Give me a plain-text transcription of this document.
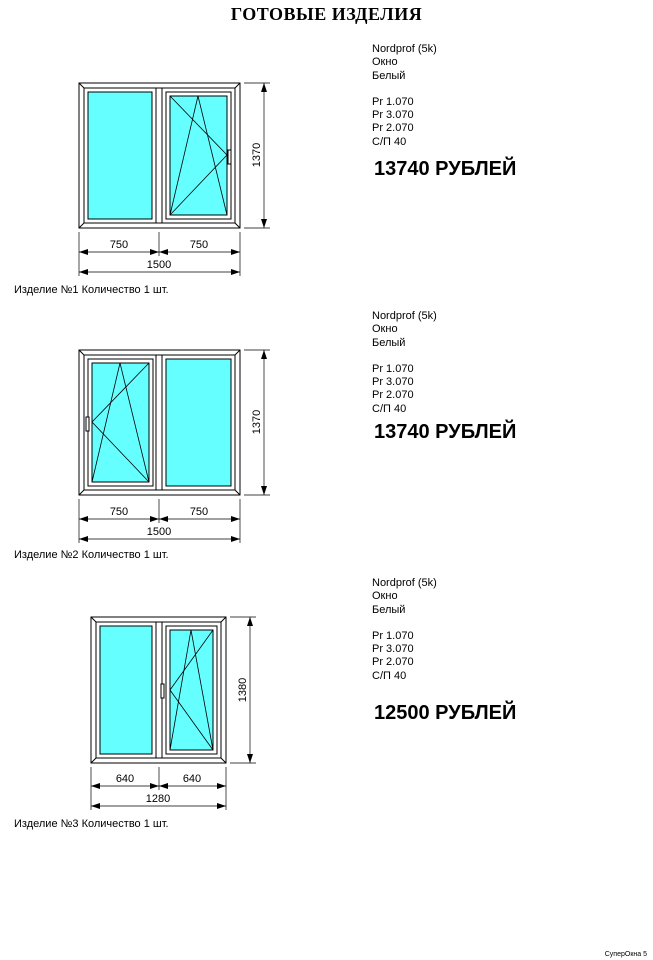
ГОТОВЫЕ ИЗДЕЛИЯ
1370
750	750
1500
Nordprof (5k)
Окно
Белый
Pr 1.070
Pr 3.070
Pr 2.070
С/П 40
13740 РУБЛЕЙ
Изделие №1 Количество 1 шт.
1370
750	750
1500
Nordprof (5k)
Окно
Белый
Pr 1.070
Pr 3.070
Pr 2.070
С/П 40
13740 РУБЛЕЙ
Изделие №2 Количество 1 шт.
1380
640	640
1280
Nordprof (5k)
Окно
Белый
Pr 1.070
Pr 3.070
Pr 2.070
С/П 40
12500 РУБЛЕЙ
Изделие №3 Количество 1 шт.
СуперОкна 5
